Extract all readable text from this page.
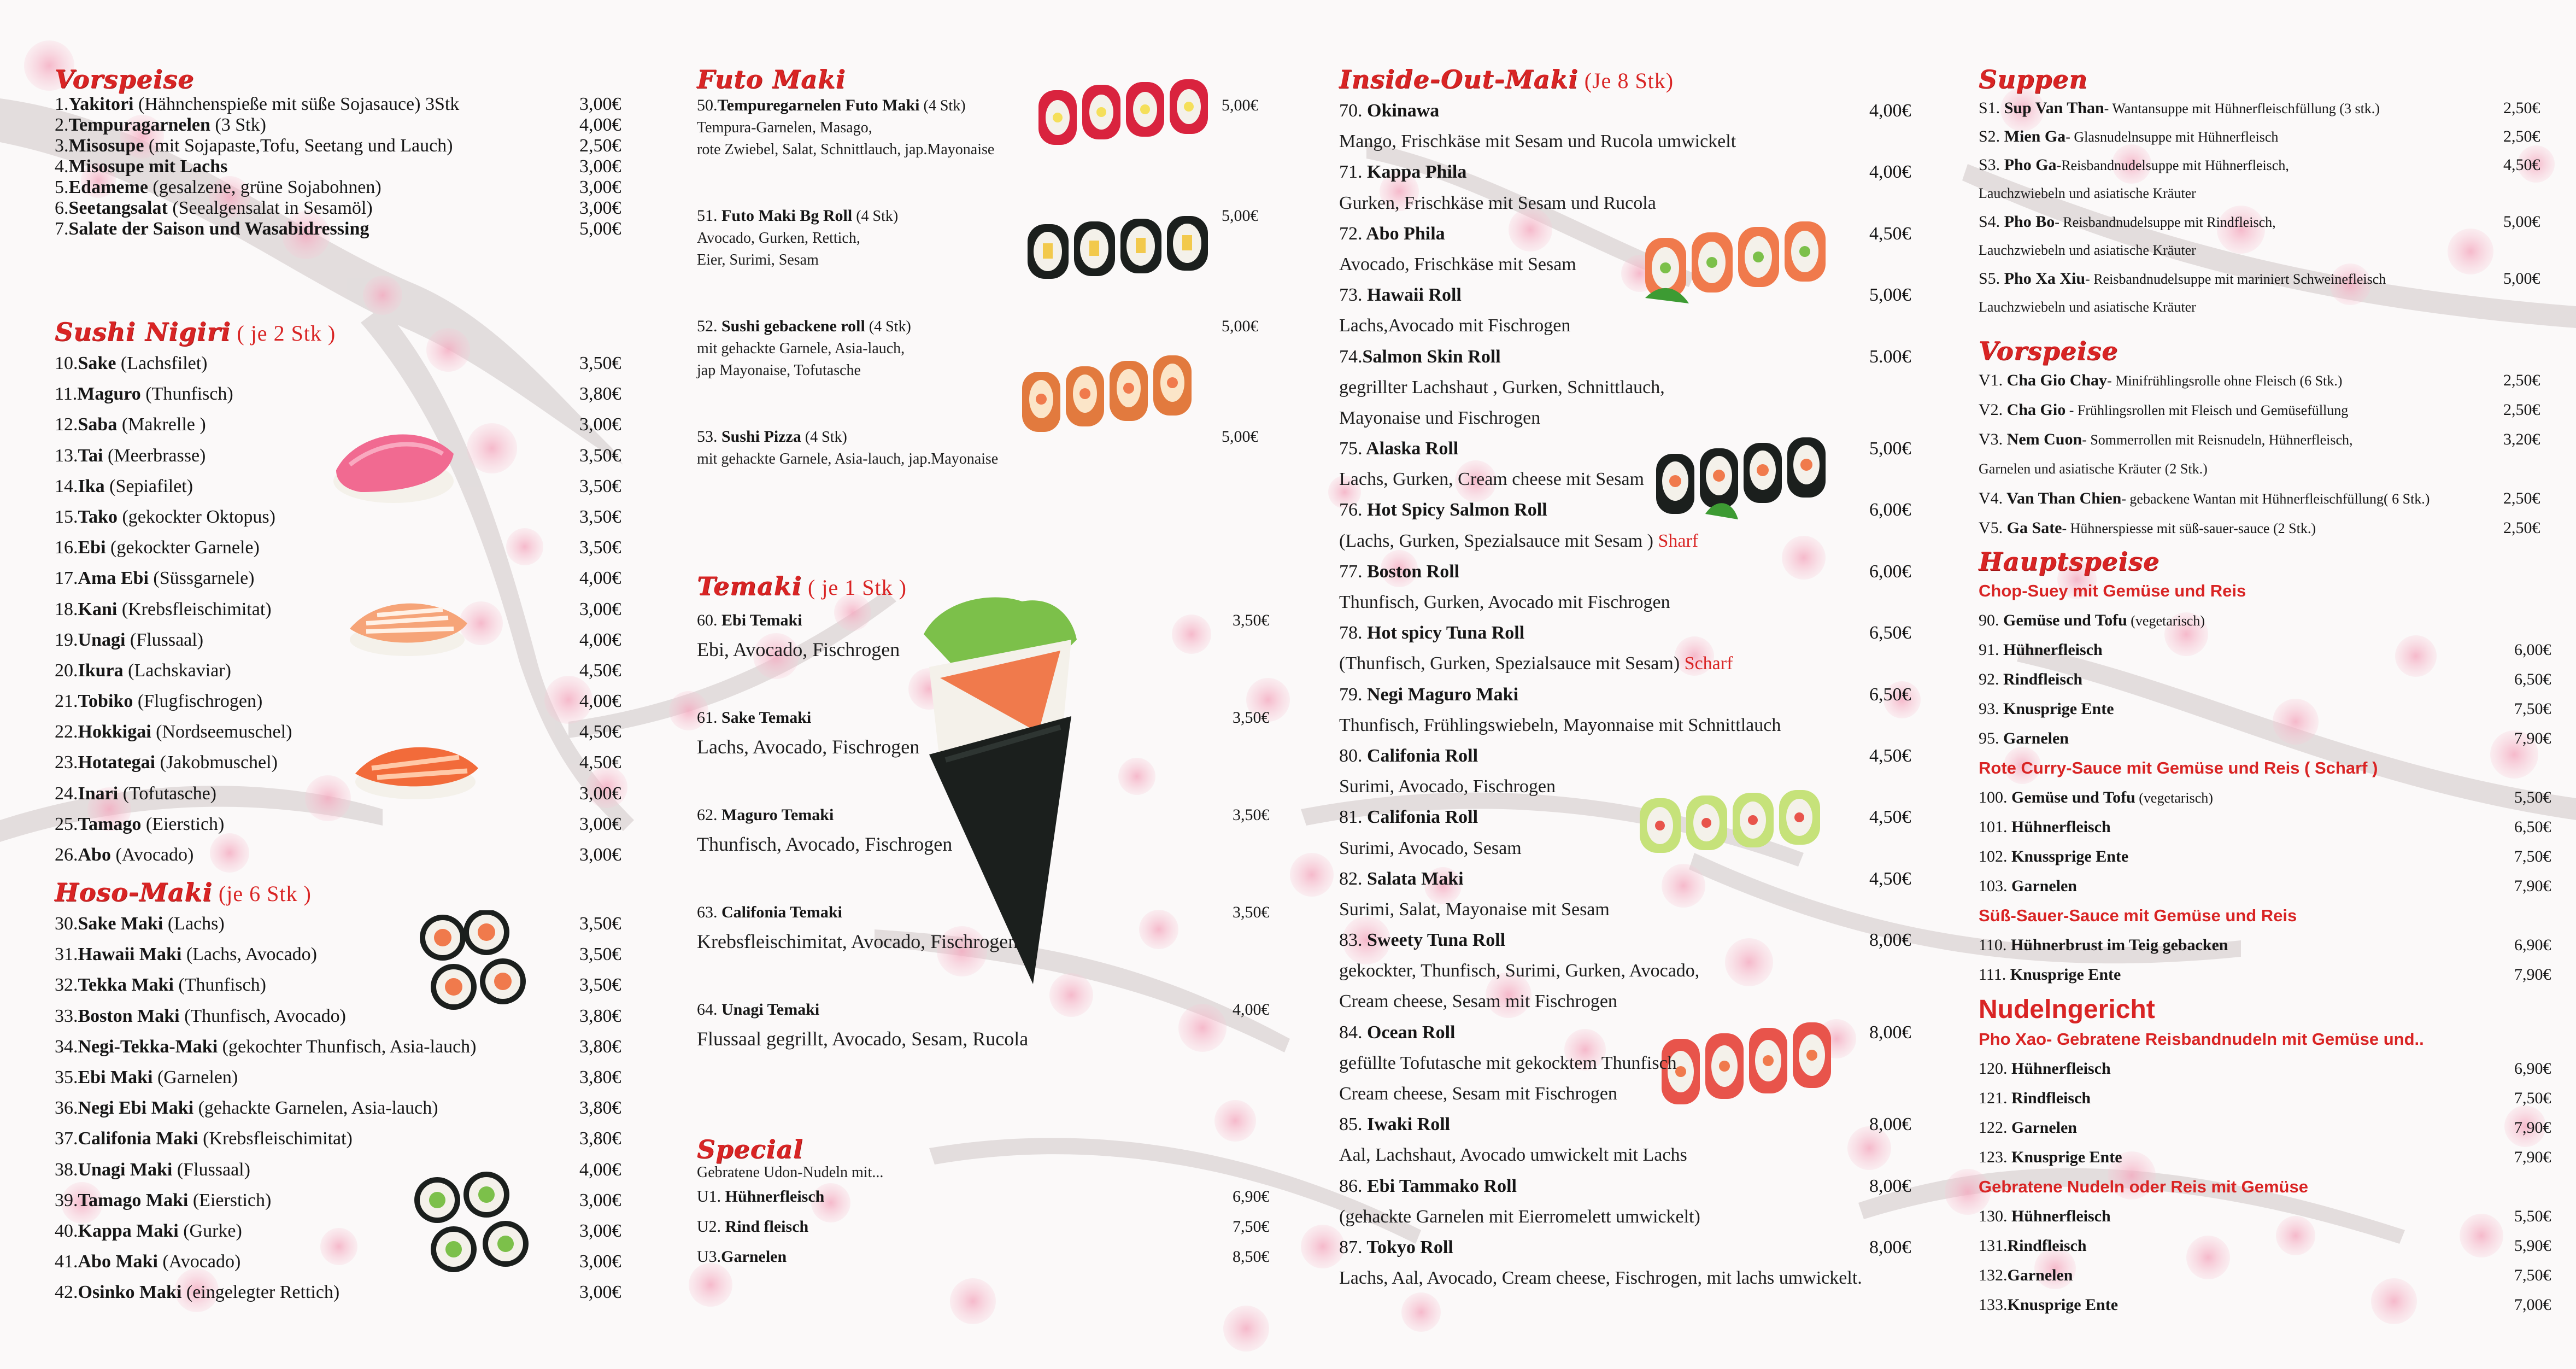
Vorspeise
1.Yakitori (Hähnchenspieße mit süße Sojasauce) 3Stk	3,00€
2.Tempuragarnelen (3 Stk)	4,00€
3.Misosupe (mit Sojapaste,Tofu, Seetang und Lauch)	2,50€
4.Misosupe mit Lachs	3,00€
5.Edameme (gesalzene, grüne Sojabohnen)	3,00€
6.Seetangsalat (Seealgensalat in Sesamöl)	3,00€
7.Salate der Saison und Wasabidressing	5,00€
Sushi Nigiri ( je 2 Stk )
10.Sake (Lachsfilet)	3,50€
11.Maguro (Thunfisch)	3,80€
12.Saba (Makrelle )	3,00€
13.Tai (Meerbrasse)	3,50€
14.Ika (Sepiafilet)	3,50€
15.Tako (gekockter Oktopus)	3,50€
16.Ebi (gekockter Garnele)	3,50€
17.Ama Ebi (Süssgarnele)	4,00€
18.Kani (Krebsfleischimitat)	3,00€
19.Unagi (Flussaal)	4,00€
20.Ikura (Lachskaviar)	4,50€
21.Tobiko (Flugfischrogen)	4,00€
22.Hokkigai (Nordseemuschel)	4,50€
23.Hotategai (Jakobmuschel)	4,50€
24.Inari (Tofutasche)	3,00€
25.Tamago (Eierstich)	3,00€
26.Abo (Avocado)	3,00€
Hoso-Maki (je 6 Stk )
30.Sake Maki (Lachs)	3,50€
31.Hawaii Maki (Lachs, Avocado)	3,50€
32.Tekka Maki (Thunfisch)	3,50€
33.Boston Maki (Thunfisch, Avocado)	3,80€
34.Negi-Tekka-Maki (gekochter Thunfisch, Asia-lauch)	3,80€
35.Ebi Maki (Garnelen)	3,80€
36.Negi Ebi Maki (gehackte Garnelen, Asia-lauch)	3,80€
37.Califonia Maki (Krebsfleischimitat)	3,80€
38.Unagi Maki (Flussaal)	4,00€
39.Tamago Maki (Eierstich)	3,00€
40.Kappa Maki (Gurke)	3,00€
41.Abo Maki (Avocado)	3,00€
42.Osinko Maki (eingelegter Rettich)	3,00€
Futo Maki
50.Tempuregarnelen Futo Maki (4 Stk)	5,00€
Tempura-Garnelen, Masago,
rote Zwiebel, Salat, Schnittlauch, jap.Mayonaise
51. Futo Maki Bg Roll (4 Stk)	5,00€
Avocado, Gurken, Rettich,
Eier, Surimi, Sesam
52. Sushi gebackene roll (4 Stk)	5,00€
mit gehackte Garnele, Asia-lauch,
jap Mayonaise, Tofutasche
53. Sushi Pizza (4 Stk)	5,00€
mit gehackte Garnele, Asia-lauch, jap.Mayonaise
Temaki ( je 1 Stk )
60. Ebi Temaki	3,50€
Ebi, Avocado, Fischrogen
61. Sake Temaki	3,50€
Lachs, Avocado, Fischrogen
62. Maguro Temaki	3,50€
Thunfisch, Avocado, Fischrogen
63. Califonia Temaki	3,50€
Krebsfleischimitat, Avocado, Fischrogen
64. Unagi Temaki	4,00€
Flussaal gegrillt, Avocado, Sesam, Rucola
Special
Gebratene Udon-Nudeln mit...
U1. Hühnerfleisch	6,90€
U2. Rind fleisch	7,50€
U3.Garnelen	8,50€
Inside-Out-Maki (Je 8 Stk)
70. Okinawa	4,00€
Mango, Frischkäse mit Sesam und Rucola umwickelt
71. Kappa Phila	4,00€
Gurken, Frischkäse mit Sesam und Rucola
72. Abo Phila	4,50€
Avocado, Frischkäse mit Sesam
73. Hawaii Roll	5,00€
Lachs,Avocado mit Fischrogen
74.Salmon Skin Roll	5.00€
gegrillter Lachshaut , Gurken, Schnittlauch,
Mayonaise und Fischrogen
75. Alaska Roll	5,00€
Lachs, Gurken, Cream cheese mit Sesam
76. Hot Spicy Salmon Roll	6,00€
(Lachs, Gurken, Spezialsauce mit Sesam ) Sharf
77. Boston Roll	6,00€
Thunfisch, Gurken, Avocado mit Fischrogen
78. Hot spicy Tuna Roll	6,50€
(Thunfisch, Gurken, Spezialsauce mit Sesam) Scharf
79. Negi Maguro Maki	6,50€
Thunfisch, Frühlingswiebeln, Mayonnaise mit Schnittlauch
80. Califonia Roll	4,50€
Surimi, Avocado, Fischrogen
81. Califonia Roll	4,50€
Surimi, Avocado, Sesam
82. Salata Maki	4,50€
Surimi, Salat, Mayonaise mit Sesam
83. Sweety Tuna Roll	8,00€
gekockter, Thunfisch, Surimi, Gurken, Avocado,
Cream cheese, Sesam mit Fischrogen
84. Ocean Roll	8,00€
gefüllte Tofutasche mit gekocktem Thunfisch
Cream cheese, Sesam mit Fischrogen
85. Iwaki Roll	8,00€
Aal, Lachshaut, Avocado umwickelt mit Lachs
86. Ebi Tammako Roll	8,00€
(gehackte Garnelen mit Eierromelett umwickelt)
87. Tokyo Roll	8,00€
Lachs, Aal, Avocado, Cream cheese, Fischrogen, mit lachs umwickelt.
Suppen
S1. Sup Van Than- Wantansuppe mit Hühnerfleischfüllung (3 stk.)	2,50€
S2. Mien Ga- Glasnudelnsuppe mit Hühnerfleisch	2,50€
S3. Pho Ga-Reisbandnudelsuppe mit Hühnerfleisch,	4,50€
Lauchzwiebeln und asiatische Kräuter
S4. Pho Bo- Reisbandnudelsuppe mit Rindfleisch,	5,00€
Lauchzwiebeln und asiatische Kräuter
S5. Pho Xa Xiu- Reisbandnudelsuppe mit mariniert Schweinefleisch	5,00€
Lauchzwiebeln und asiatische Kräuter
Vorspeise
V1. Cha Gio Chay- Minifrühlingsrolle ohne Fleisch (6 Stk.)	2,50€
V2. Cha Gio - Frühlingsrollen mit Fleisch und Gemüsefüllung	2,50€
V3. Nem Cuon- Sommerrollen mit Reisnudeln, Hühnerfleisch,	3,20€
Garnelen und asiatische Kräuter (2 Stk.)
V4. Van Than Chien- gebackene Wantan mit Hühnerfleischfüllung( 6 Stk.)	2,50€
V5. Ga Sate- Hühnerspiesse mit süß-sauer-sauce (2 Stk.)	2,50€
Hauptspeise
Chop-Suey mit Gemüse und Reis
90. Gemüse und Tofu (vegetarisch)
91. Hühnerfleisch	6,00€
92. Rindfleisch	6,50€
93. Knusprige Ente	7,50€
95. Garnelen	7,90€
Rote Curry-Sauce mit Gemüse und Reis ( Scharf )
100. Gemüse und Tofu (vegetarisch)	5,50€
101. Hühnerfleisch	6,50€
102. Knussprige Ente	7,50€
103. Garnelen	7,90€
Süß-Sauer-Sauce mit Gemüse und Reis
110. Hühnerbrust im Teig gebacken	6,90€
111. Knusprige Ente	7,90€
Nudelngericht
Pho Xao- Gebratene Reisbandnudeln mit Gemüse und..
120. Hühnerfleisch	6,90€
121. Rindfleisch	7,50€
122. Garnelen	7,90€
123. Knusprige Ente	7,90€
Gebratene Nudeln oder Reis mit Gemüse
130. Hühnerfleisch	5,50€
131.Rindfleisch	5,90€
132.Garnelen	7,50€
133.Knusprige Ente	7,00€
